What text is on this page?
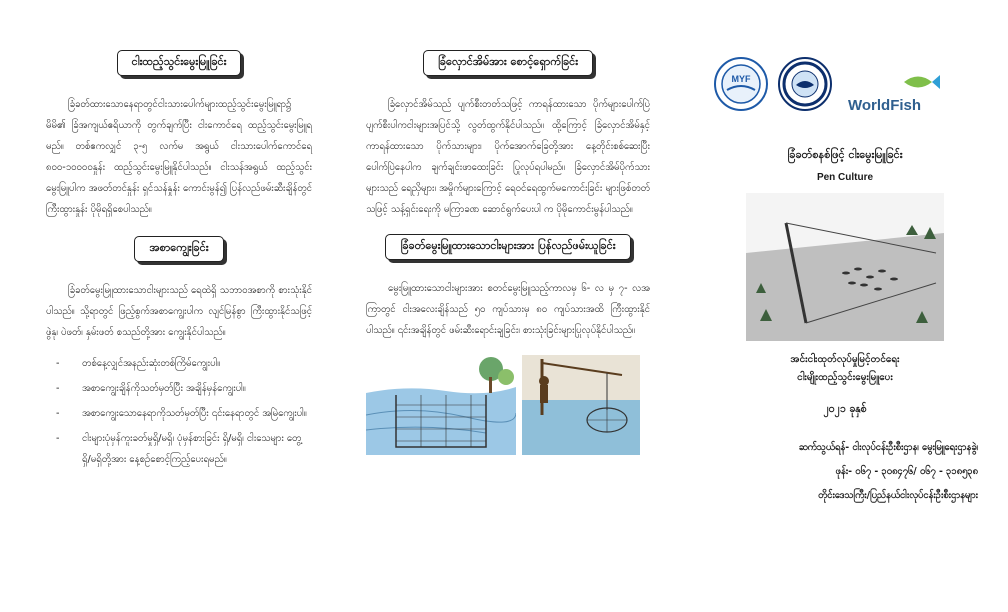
ငါးထည့်သွင်းမွေးမြူခြင်း

ခြံခတ်ထားသောနေရာတွင်ငါးသားပေါက်များထည့်သွင်းမွေးမြူရာ၌ မိမိ၏ ခြံအကျယ်ဧရိယာကို တွက်ချက်ပြီး ငါးကောင်ရေ ထည့်သွင်းမွေးမြူရမည်။ တစ်ဧကလျှင် ၃-၅ လက်မ အရွယ် ငါးသားပေါက်ကောင်ရေ ၈၀၀-၁၀၀၀၀နှုန်း ထည့်သွင်းမွေးမြူနိုင်ပါသည်။ ငါးသန်အရွယ် ထည့်သွင်းမွေးမြူပါက အဖတ်တင်နှုန်း ရှင်သန်နှုန်း ကောင်းမွန်၍ ပြန်လည်ဖမ်းဆီးချိန်တွင် ကြီးထွားနှုန်း ပိုမိုရရှိစေပါသည်။

အစာကျွေးခြင်း

ခြံခတ်မွေးမြူထားသောငါးများသည် ရေထဲရှိ သဘာဝအစာကို စားသုံးနိုင်ပါသည်။ သို့ရာတွင် ဖြည့်စွက်အစာကျွေးပါက လျင်မြန်စွာ ကြီးထွားနိုင်သဖြင့် ဖွဲနု၊ ပဲဖတ်၊ နှမ်းဖတ် စသည်တို့အား ကျွေးနိုင်ပါသည်။

-	တစ်နေ့လျှင်အနည်းဆုံးတစ်ကြိမ်ကျွေးပါ။
-	အစာကျွေးချိန်ကိုသတ်မှတ်ပြီး အချိန်မှန်ကျွေးပါ။
-	အစာကျွေးသောနေရာကိုသတ်မှတ်ပြီး ၎င်းနေရာတွင် အမြဲကျွေးပါ။
-	ငါးများပုံမှန်ကူးခတ်မှုရှိ/မရှိ၊ ပုံမှန်စားခြင်း ရှိ/မရှိ၊ ငါးသေများ တွေ့ ရှိ/မရှိတို့အား နေ့စဉ်စောင့်ကြည့်ပေးရမည်။
ခြံလှောင်အိမ်အား စောင့်ရှောက်ခြင်း

ခြံလှောင်အိမ်သည် ပျက်စီးတတ်သဖြင့် ကာရန်ထားသော ပိုက်များပေါက်ပြဲပျက်စီးပါကငါးများအပြင်သို့ လွတ်ထွက်နိုင်ပါသည်။ ထို့ကြောင့် ခြံလှောင်အိမ်နှင့် ကာရန်ထားသော ပိုက်သားများ၊ ပိုက်အောက်ခြေတို့အား နေ့တိုင်းစစ်ဆေးပြီး ပေါက်ပြဲနေပါက ချက်ချင်းဖာထေးခြင်း ပြုလုပ်ရပါမည်။ ခြံလှောင်အိမ်ပိုက်သားများသည် ရေညှိများ၊ အမှိုက်များကြောင့် ရေဝင်ရေထွက်မကောင်းခြင်း များဖြစ်တတ်သဖြင့် သန့်ရှင်းရေးကို မကြာခဏ ဆောင်ရွက်ပေးပါ က ပိုမိုကောင်းမွန်ပါသည်။

ခြံခတ်မွေးမြူထားသောငါးများအား ပြန်လည်ဖမ်းယူခြင်း

မွေးမြူထားသောငါးများအား စတင်မွေးမြူသည့်ကာလမှ ၆- လ မှ ၇- လအကြာတွင် ငါးအလေးချိန်သည် ၅၀ ကျပ်သားမှ ၈၀ ကျပ်သားအထိ ကြီးထွားနိုင်ပါသည်။ ၎င်းအချိန်တွင် ဖမ်းဆီးရောင်းချခြင်း၊ စားသုံးခြင်းများပြုလုပ်နိုင်ပါသည်။

MYF
WorldFish
ခြံခတ်စနစ်ဖြင့် ငါးမွေးမြူခြင်း
Pen Culture
အင်းငါးထုတ်လုပ်မှုမြင့်တင်ရေး
ငါးမျိုးထည့်သွင်းမွေးမြူပေး
၂၀၂၁ ခုနှစ်
ဆက်သွယ်ရန်- ငါးလုပ်ငန်းဦးစီးဌာန၊ မွေးမြူရေးဌာနခွဲ၊
ဖုန်း- ၀၆၇ - ၃၀၈၄၇၆/ ၀၆၇ - ၃၁၈၅၃၈
တိုင်းဒေသကြီး/ပြည်နယ်ငါးလုပ်ငန်းဦးစီးဌာနများ
